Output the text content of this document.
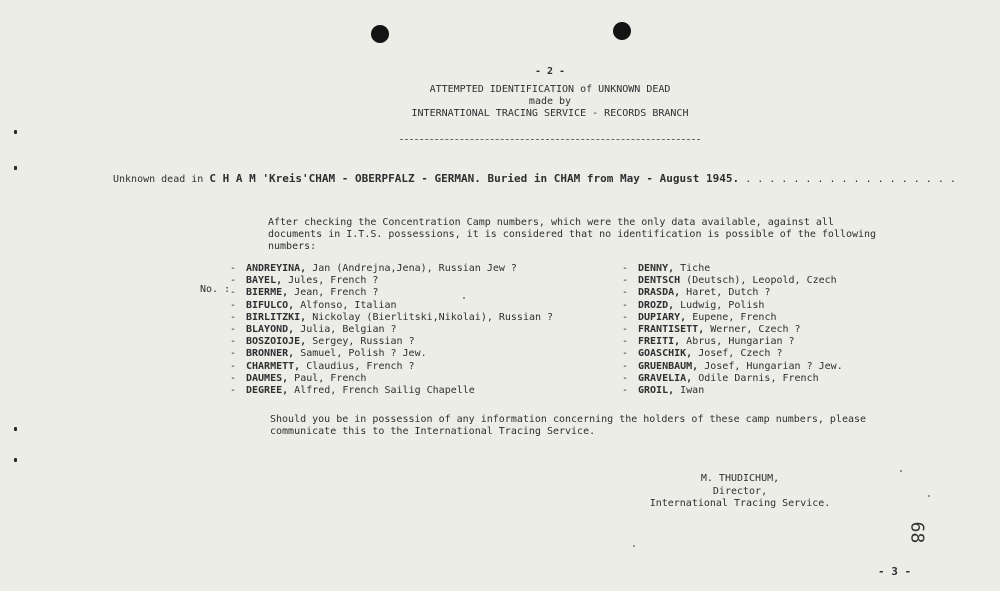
- 2 -
ATTEMPTED IDENTIFICATION of UNKNOWN DEAD
made by
INTERNATIONAL TRACING SERVICE - RECORDS BRANCH
Unknown dead in C H A M 'Kreis'CHAM - OBERPFALZ - GERMAN. Buried in CHAM from May - August 1945. . . . . . . . . . . . . . . . . . .
After checking the Concentration Camp numbers, which were the only data available, against all documents in I.T.S. possessions, it is considered that no identification is possible of the following numbers:
No. :
- ANDREYINA, Jan (Andrejna,Jena), Russian Jew ?
- BAYEL, Jules, French ?
- BIERME, Jean, French ?
- BIFULCO, Alfonso, Italian
- BIRLITZKI, Nickolay (Bierlitski,Nikolai), Russian ?
- BLAYOND, Julia, Belgian ?
- BOSZOIOJE, Sergey, Russian ?
- BRONNER, Samuel, Polish ? Jew.
- CHARMETT, Claudius, French ?
- DAUMES, Paul, French
- DEGREE, Alfred, French Sailig Chapelle
- DENNY, Tiche
- DENTSCH (Deutsch), Leopold, Czech
- DRASDA, Haret, Dutch ?
- DROZD, Ludwig, Polish
- DUPIARY, Eupene, French
- FRANTISETT, Werner, Czech ?
- FREITI, Abrus, Hungarian ?
- GOASCHIK, Josef, Czech ?
- GRUENBAUM, Josef, Hungarian ? Jew.
- GRAVELIA, Odile Darnis, French
- GROIL, Iwan
Should you be in possession of any information concerning the holders of these camp numbers, please communicate this to the International Tracing Service.
M. THUDICHUM,
Director,
International Tracing Service.
68
- 3 -
